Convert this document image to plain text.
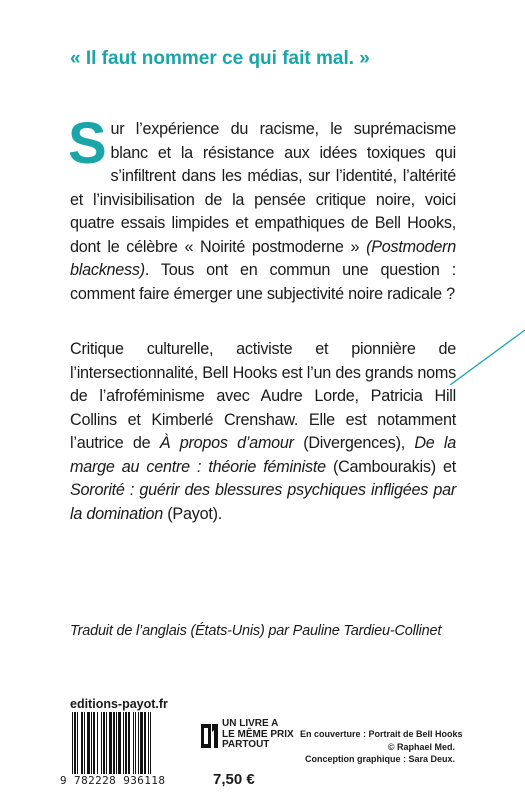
« Il faut nommer ce qui fait mal. »

Sur l’expérience du racisme, le suprémacisme blanc et la résistance aux idées toxiques qui s’infiltrent dans les médias, sur l’identité, l’altérité et l’invisibilisation de la pensée critique noire, voici quatre essais limpides et empathiques de Bell Hooks, dont le célèbre « Noirité postmoderne » (Postmodern blackness). Tous ont en commun une question : comment faire émerger une subjectivité noire radicale ?

Critique culturelle, activiste et pionnière de l’intersectionnalité, Bell Hooks est l’un des grands noms de l’afroféminisme avec Audre Lorde, Patricia Hill Collins et Kimberlé Crenshaw. Elle est notamment l’autrice de À propos d’amour (Divergences), De la marge au centre : théorie féministe (Cambourakis) et Sororité : guérir des blessures psychiques infligées par la domination (Payot).

Traduit de l’anglais (États-Unis) par Pauline Tardieu-Collinet

editions-payot.fr

9 782228 936118

UN LIVRE A
LE MÊME PRIX
PARTOUT

7,50 €

En couverture : Portrait de Bell Hooks
© Raphael Med.
Conception graphique : Sara Deux.
